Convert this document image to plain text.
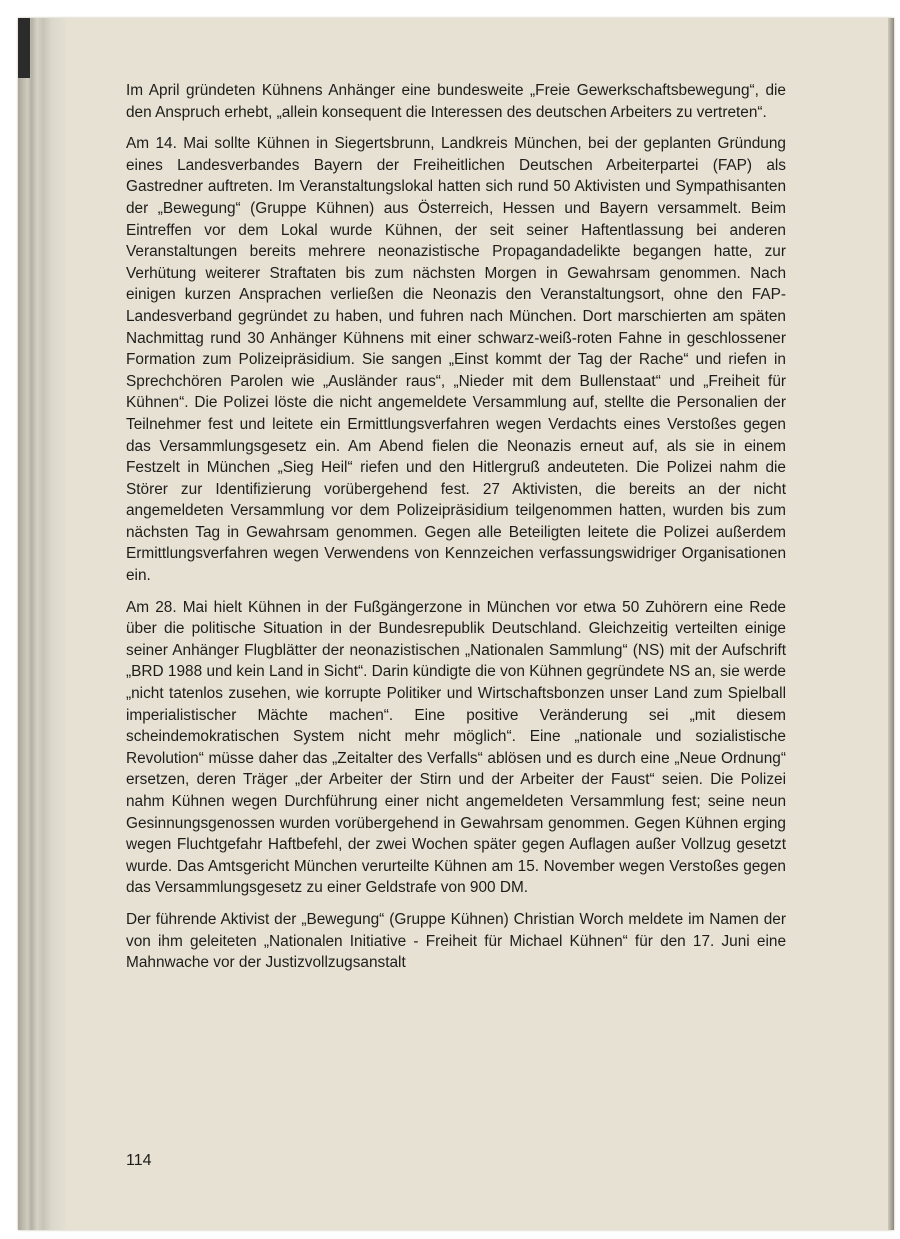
Im April gründeten Kühnens Anhänger eine bundesweite „Freie Gewerkschaftsbewegung“, die den Anspruch erhebt, „allein konsequent die Interessen des deutschen Arbeiters zu vertreten“.

Am 14. Mai sollte Kühnen in Siegertsbrunn, Landkreis München, bei der geplanten Gründung eines Landesverbandes Bayern der Freiheitlichen Deutschen Arbeiterpartei (FAP) als Gastredner auftreten. Im Veranstaltungslokal hatten sich rund 50 Aktivisten und Sympathisanten der „Bewegung“ (Gruppe Kühnen) aus Österreich, Hessen und Bayern versammelt. Beim Eintreffen vor dem Lokal wurde Kühnen, der seit seiner Haftentlassung bei anderen Veranstaltungen bereits mehrere neonazistische Propagandadelikte begangen hatte, zur Verhütung weiterer Straftaten bis zum nächsten Morgen in Gewahrsam genommen. Nach einigen kurzen Ansprachen verließen die Neonazis den Veranstaltungsort, ohne den FAP-Landesverband gegründet zu haben, und fuhren nach München. Dort marschierten am späten Nachmittag rund 30 Anhänger Kühnens mit einer schwarz-weiß-roten Fahne in geschlossener Formation zum Polizeipräsidium. Sie sangen „Einst kommt der Tag der Rache“ und riefen in Sprechchören Parolen wie „Ausländer raus“, „Nieder mit dem Bullenstaat“ und „Freiheit für Kühnen“. Die Polizei löste die nicht angemeldete Versammlung auf, stellte die Personalien der Teilnehmer fest und leitete ein Ermittlungsverfahren wegen Verdachts eines Verstoßes gegen das Versammlungsgesetz ein. Am Abend fielen die Neonazis erneut auf, als sie in einem Festzelt in München „Sieg Heil“ riefen und den Hitlergruß andeuteten. Die Polizei nahm die Störer zur Identifizierung vorübergehend fest. 27 Aktivisten, die bereits an der nicht angemeldeten Versammlung vor dem Polizeipräsidium teilgenommen hatten, wurden bis zum nächsten Tag in Gewahrsam genommen. Gegen alle Beteiligten leitete die Polizei außerdem Ermittlungsverfahren wegen Verwendens von Kennzeichen verfassungswidriger Organisationen ein.

Am 28. Mai hielt Kühnen in der Fußgängerzone in München vor etwa 50 Zuhörern eine Rede über die politische Situation in der Bundesrepublik Deutschland. Gleichzeitig verteilten einige seiner Anhänger Flugblätter der neonazistischen „Nationalen Sammlung“ (NS) mit der Aufschrift „BRD 1988 und kein Land in Sicht“. Darin kündigte die von Kühnen gegründete NS an, sie werde „nicht tatenlos zusehen, wie korrupte Politiker und Wirtschaftsbonzen unser Land zum Spielball imperialistischer Mächte machen“. Eine positive Veränderung sei „mit diesem scheindemokratischen System nicht mehr möglich“. Eine „nationale und sozialistische Revolution“ müsse daher das „Zeitalter des Verfalls“ ablösen und es durch eine „Neue Ordnung“ ersetzen, deren Träger „der Arbeiter der Stirn und der Arbeiter der Faust“ seien. Die Polizei nahm Kühnen wegen Durchführung einer nicht angemeldeten Versammlung fest; seine neun Gesinnungsgenossen wurden vorübergehend in Gewahrsam genommen. Gegen Kühnen erging wegen Fluchtgefahr Haftbefehl, der zwei Wochen später gegen Auflagen außer Vollzug gesetzt wurde. Das Amtsgericht München verurteilte Kühnen am 15. November wegen Verstoßes gegen das Versammlungsgesetz zu einer Geldstrafe von 900 DM.

Der führende Aktivist der „Bewegung“ (Gruppe Kühnen) Christian Worch meldete im Namen der von ihm geleiteten „Nationalen Initiative - Freiheit für Michael Kühnen“ für den 17. Juni eine Mahnwache vor der Justizvollzugsanstalt

114
